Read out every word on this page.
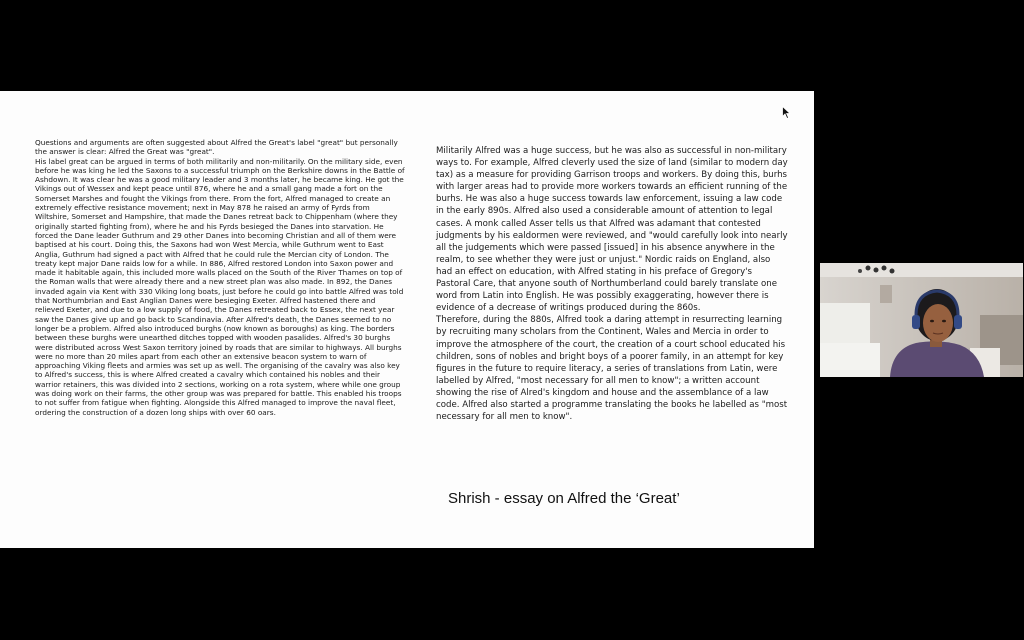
Questions and arguments are often suggested about Alfred the Great's label "great" but personally the answer is clear: Alfred the Great was "great".
His label great can be argued in terms of both militarily and non-militarily. On the military side, even before he was king he led the Saxons to a successful triumph on the Berkshire downs in the Battle of Ashdown. It was clear he was a good military leader and 3 months later, he became king. He got the Vikings out of Wessex and kept peace until 876, where he and a small gang made a fort on the Somerset Marshes and fought the Vikings from there. From the fort, Alfred managed to create an extremely effective resistance movement; next in May 878 he raised an army of Fyrds from Wiltshire, Somerset and Hampshire, that made the Danes retreat back to Chippenham (where they originally started fighting from), where he and his Fyrds besieged the Danes into starvation. He forced the Dane leader Guthrum and 29 other Danes into becoming Christian and all of them were baptised at his court. Doing this, the Saxons had won West Mercia, while Guthrum went to East Anglia, Guthrum had signed a pact with Alfred that he could rule the Mercian city of London. The treaty kept major Dane raids low for a while. In 886, Alfred restored London into Saxon power and made it habitable again, this included more walls placed on the South of the River Thames on top of the Roman walls that were already there and a new street plan was also made. In 892, the Danes invaded again via Kent with 330 Viking long boats, just before he could go into battle Alfred was told that Northumbrian and East Anglian Danes were besieging Exeter. Alfred hastened there and relieved Exeter, and due to a low supply of food, the Danes retreated back to Essex, the next year saw the Danes give up and go back to Scandinavia. After Alfred's death, the Danes seemed to no longer be a problem. Alfred also introduced burghs (now known as boroughs) as king. The borders between these burghs were unearthed ditches topped with wooden pasalides. Alfred's 30 burghs were distributed across West Saxon territory joined by roads that are similar to highways. All burghs were no more than 20 miles apart from each other an extensive beacon system to warn of approaching Viking fleets and armies was set up as well. The organising of the cavalry was also key to Alfred's success, this is where Alfred created a cavalry which contained his nobles and their warrior retainers, this was divided into 2 sections, working on a rota system, where while one group was doing work on their farms, the other group was was prepared for battle. This enabled his troops to not suffer from fatigue when fighting. Alongside this Alfred managed to improve the naval fleet, ordering the construction of a dozen long ships with over 60 oars.
Militarily Alfred was a huge success, but he was also as successful in non-military ways to. For example, Alfred cleverly used the size of land (similar to modern day tax) as a measure for providing Garrison troops and workers. By doing this, burhs with larger areas had to provide more workers towards an efficient running of the burhs. He was also a huge success towards law enforcement, issuing a law code in the early 890s. Alfred also used a considerable amount of attention to legal cases. A monk called Asser tells us that Alfred was adamant that contested judgments by his ealdormen were reviewed, and "would carefully look into nearly all the judgements which were passed [issued] in his absence anywhere in the realm, to see whether they were just or unjust." Nordic raids on England, also had an effect on education, with Alfred stating in his preface of Gregory's Pastoral Care, that anyone south of Northumberland could barely translate one word from Latin into English. He was possibly exaggerating, however there is evidence of a decrease of writings produced during the 860s.
Therefore, during the 880s, Alfred took a daring attempt in resurrecting learning by recruiting many scholars from the Continent, Wales and Mercia in order to improve the atmosphere of the court, the creation of a court school educated his children, sons of nobles and bright boys of a poorer family, in an attempt for key figures in the future to require literacy, a series of translations from Latin, were labelled by Alfred, "most necessary for all men to know"; a written account showing the rise of Alred's kingdom and house and the assemblance of a law code. Alfred also started a programme translating the books he labelled as "most necessary for all men to know".
Shrish - essay on Alfred the ‘Great’
